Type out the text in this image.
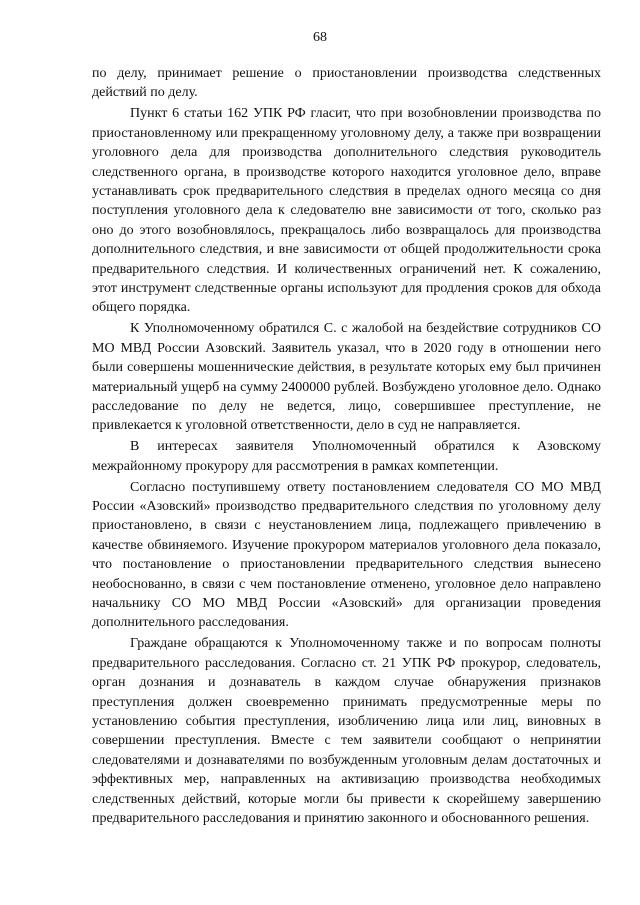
68

по делу, принимает решение о приостановлении производства следственных действий по делу.

Пункт 6 статьи 162 УПК РФ гласит, что при возобновлении производства по приостановленному или прекращенному уголовному делу, а также при возвращении уголовного дела для производства дополнительного следствия руководитель следственного органа, в производстве которого находится уголовное дело, вправе устанавливать срок предварительного следствия в пределах одного месяца со дня поступления уголовного дела к следователю вне зависимости от того, сколько раз оно до этого возобновлялось, прекращалось либо возвращалось для производства дополнительного следствия, и вне зависимости от общей продолжительности срока предварительного следствия. И количественных ограничений нет. К сожалению, этот инструмент следственные органы используют для продления сроков для обхода общего порядка.

К Уполномоченному обратился С. с жалобой на бездействие сотрудников СО МО МВД России Азовский. Заявитель указал, что в 2020 году в отношении него были совершены мошеннические действия, в результате которых ему был причинен материальный ущерб на сумму 2400000 рублей. Возбуждено уголовное дело. Однако расследование по делу не ведется, лицо, совершившее преступление, не привлекается к уголовной ответственности, дело в суд не направляется.

В интересах заявителя Уполномоченный обратился к Азовскому межрайонному прокурору для рассмотрения в рамках компетенции.

Согласно поступившему ответу постановлением следователя СО МО МВД России «Азовский» производство предварительного следствия по уголовному делу приостановлено, в связи с неустановлением лица, подлежащего привлечению в качестве обвиняемого. Изучение прокурором материалов уголовного дела показало, что постановление о приостановлении предварительного следствия вынесено необоснованно, в связи с чем постановление отменено, уголовное дело направлено начальнику СО МО МВД России «Азовский» для организации проведения дополнительного расследования.

Граждане обращаются к Уполномоченному также и по вопросам полноты предварительного расследования. Согласно ст. 21 УПК РФ прокурор, следователь, орган дознания и дознаватель в каждом случае обнаружения признаков преступления должен своевременно принимать предусмотренные меры по установлению события преступления, изобличению лица или лиц, виновных в совершении преступления. Вместе с тем заявители сообщают о непринятии следователями и дознавателями по возбужденным уголовным делам достаточных и эффективных мер, направленных на активизацию производства необходимых следственных действий, которые могли бы привести к скорейшему завершению предварительного расследования и принятию законного и обоснованного решения.
